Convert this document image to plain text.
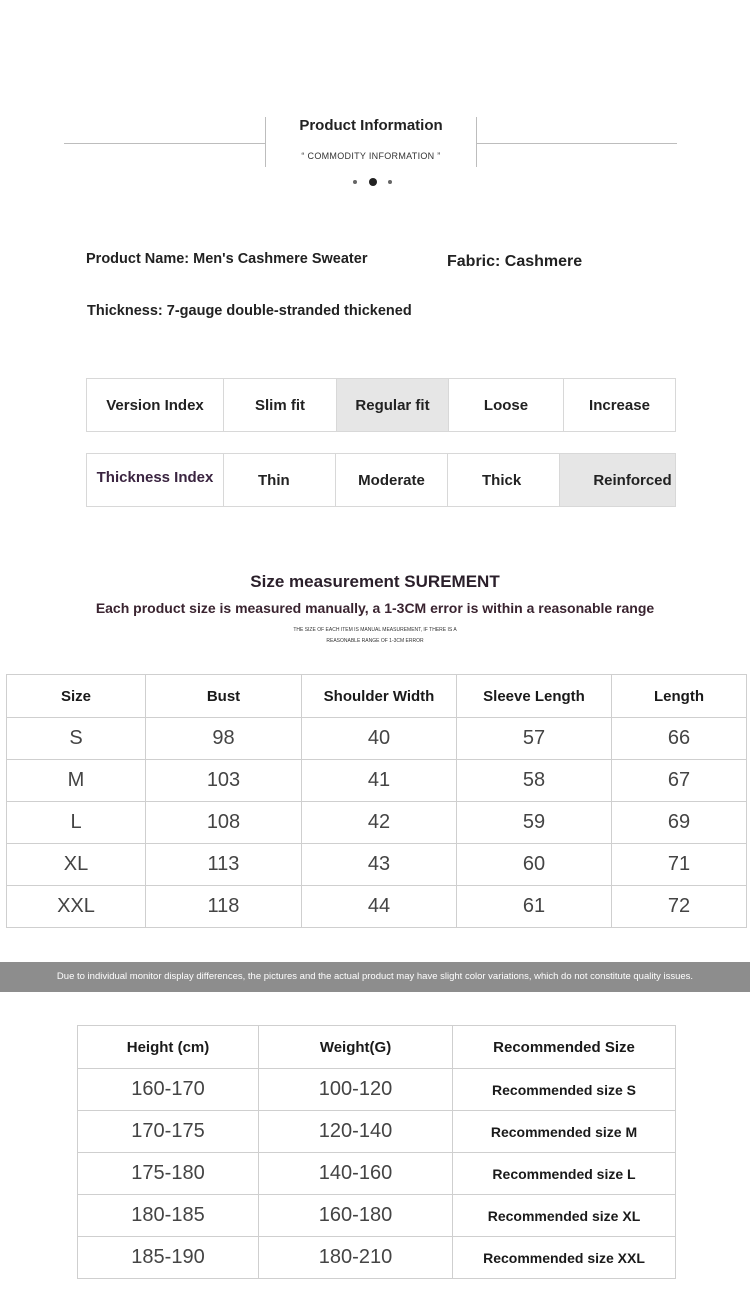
Product Information
“ COMMODITY INFORMATION ”
Product Name: Men's Cashmere Sweater	Fabric: Cashmere
Thickness: 7-gauge double-stranded thickened
Version Index	Slim fit	Regular fit	Loose	Increase
Thickness Index	Thin	Moderate	Thick	Reinforced
Size measurement SUREMENT
Each product size is measured manually, a 1-3CM error is within a reasonable range
THE SIZE OF EACH ITEM IS MANUAL MEASUREMENT, IF THERE IS A
REASONABLE RANGE OF 1-3CM ERROR
Size	Bust	Shoulder Width	Sleeve Length	Length
S	98	40	57	66
M	103	41	58	67
L	108	42	59	69
XL	113	43	60	71
XXL	118	44	61	72
Due to individual monitor display differences, the pictures and the actual product may have slight color variations, which do not constitute quality issues.
Height (cm)	Weight(G)	Recommended Size
160-170	100-120	Recommended size S
170-175	120-140	Recommended size M
175-180	140-160	Recommended size L
180-185	160-180	Recommended size XL
185-190	180-210	Recommended size XXL
